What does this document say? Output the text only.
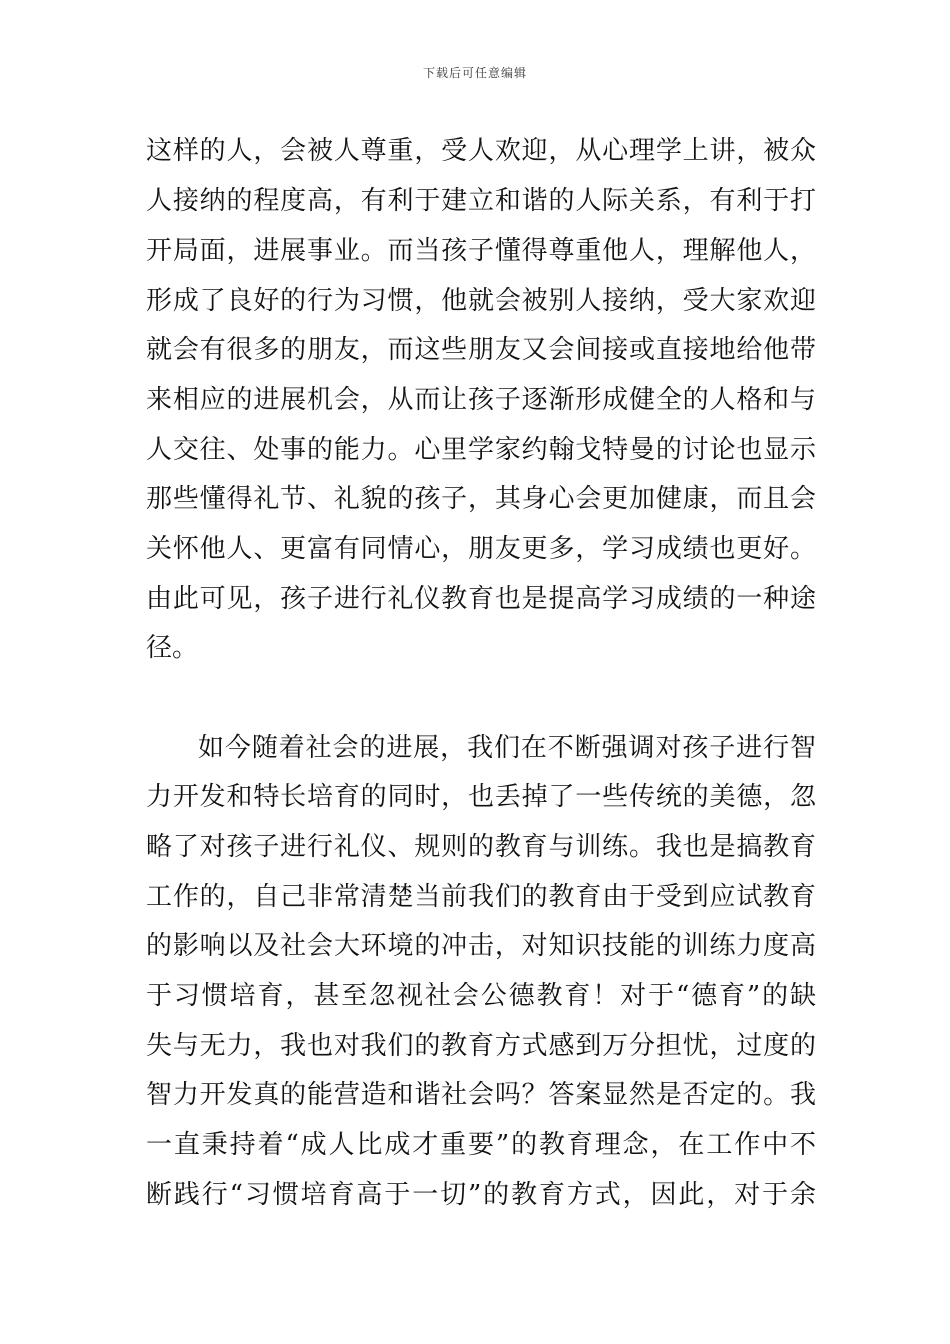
下载后可任意编辑
这样的人，会被人尊重，受人欢迎，从心理学上讲，被众
人接纳的程度高，有利于建立和谐的人际关系，有利于打
开局面，进展事业。而当孩子懂得尊重他人，理解他人，
形成了良好的行为习惯，他就会被别人接纳，受大家欢迎
就会有很多的朋友，而这些朋友又会间接或直接地给他带
来相应的进展机会，从而让孩子逐渐形成健全的人格和与
人交往、处事的能力。心里学家约翰戈特曼的讨论也显示
那些懂得礼节、礼貌的孩子，其身心会更加健康，而且会
关怀他人、更富有同情心，朋友更多，学习成绩也更好。
由此可见，孩子进行礼仪教育也是提高学习成绩的一种途
径。
如今随着社会的进展，我们在不断强调对孩子进行智
力开发和特长培育的同时，也丢掉了一些传统的美德，忽
略了对孩子进行礼仪、规则的教育与训练。我也是搞教育
工作的，自己非常清楚当前我们的教育由于受到应试教育
的影响以及社会大环境的冲击，对知识技能的训练力度高
于习惯培育，甚至忽视社会公德教育！对于“德育”的缺
失与无力，我也对我们的教育方式感到万分担忧，过度的
智力开发真的能营造和谐社会吗？答案显然是否定的。我
一直秉持着“成人比成才重要”的教育理念，在工作中不
断践行“习惯培育高于一切”的教育方式，因此，对于余
